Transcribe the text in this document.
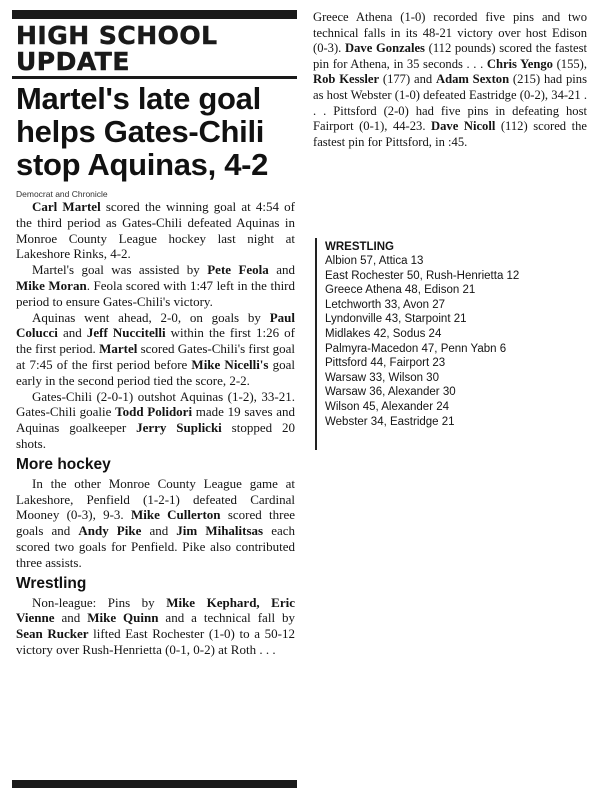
HIGH SCHOOL
UPDATE
Martel's late goal
helps Gates-Chili
stop Aquinas, 4-2
Democrat and Chronicle

Carl Martel scored the winning goal at 4:54 of the third period as Gates-Chili defeated Aquinas in Monroe County League hockey last night at Lakeshore Rinks, 4-2.

Martel's goal was assisted by Pete Feola and Mike Moran. Feola scored with 1:47 left in the third period to ensure Gates-Chili's victory.

Aquinas went ahead, 2-0, on goals by Paul Colucci and Jeff Nuccitelli within the first 1:26 of the first period. Martel scored Gates-Chili's first goal at 7:45 of the first period before Mike Nicelli's goal early in the second period tied the score, 2-2.

Gates-Chili (2-0-1) outshot Aquinas (1-2), 33-21. Gates-Chili goalie Todd Polidori made 19 saves and Aquinas goalkeeper Jerry Suplicki stopped 20 shots.

More hockey

In the other Monroe County League game at Lakeshore, Penfield (1-2-1) defeated Cardinal Mooney (0-3), 9-3. Mike Cullerton scored three goals and Andy Pike and Jim Mihalitsas each scored two goals for Penfield. Pike also contributed three assists.

Wrestling

Non-league: Pins by Mike Kephard, Eric Vienne and Mike Quinn and a technical fall by Sean Rucker lifted East Rochester (1-0) to a 50-12 victory over Rush-Henrietta (0-1, 0-2) at Roth . . .

Greece Athena (1-0) recorded five pins and two technical falls in its 48-21 victory over host Edison (0-3). Dave Gonzales (112 pounds) scored the fastest pin for Athena, in 35 seconds . . . Chris Yengo (155), Rob Kessler (177) and Adam Sexton (215) had pins as host Webster (1-0) defeated Eastridge (0-2), 34-21 . . . Pittsford (2-0) had five pins in defeating host Fairport (0-1), 44-23. Dave Nicoll (112) scored the fastest pin for Pittsford, in :45.

WRESTLING
Albion 57, Attica 13
East Rochester 50, Rush-Henrietta 12
Greece Athena 48, Edison 21
Letchworth 33, Avon 27
Lyndonville 43, Starpoint 21
Midlakes 42, Sodus 24
Palmyra-Macedon 47, Penn Yabn 6
Pittsford 44, Fairport 23
Warsaw 33, Wilson 30
Warsaw 36, Alexander 30
Wilson 45, Alexander 24
Webster 34, Eastridge 21
